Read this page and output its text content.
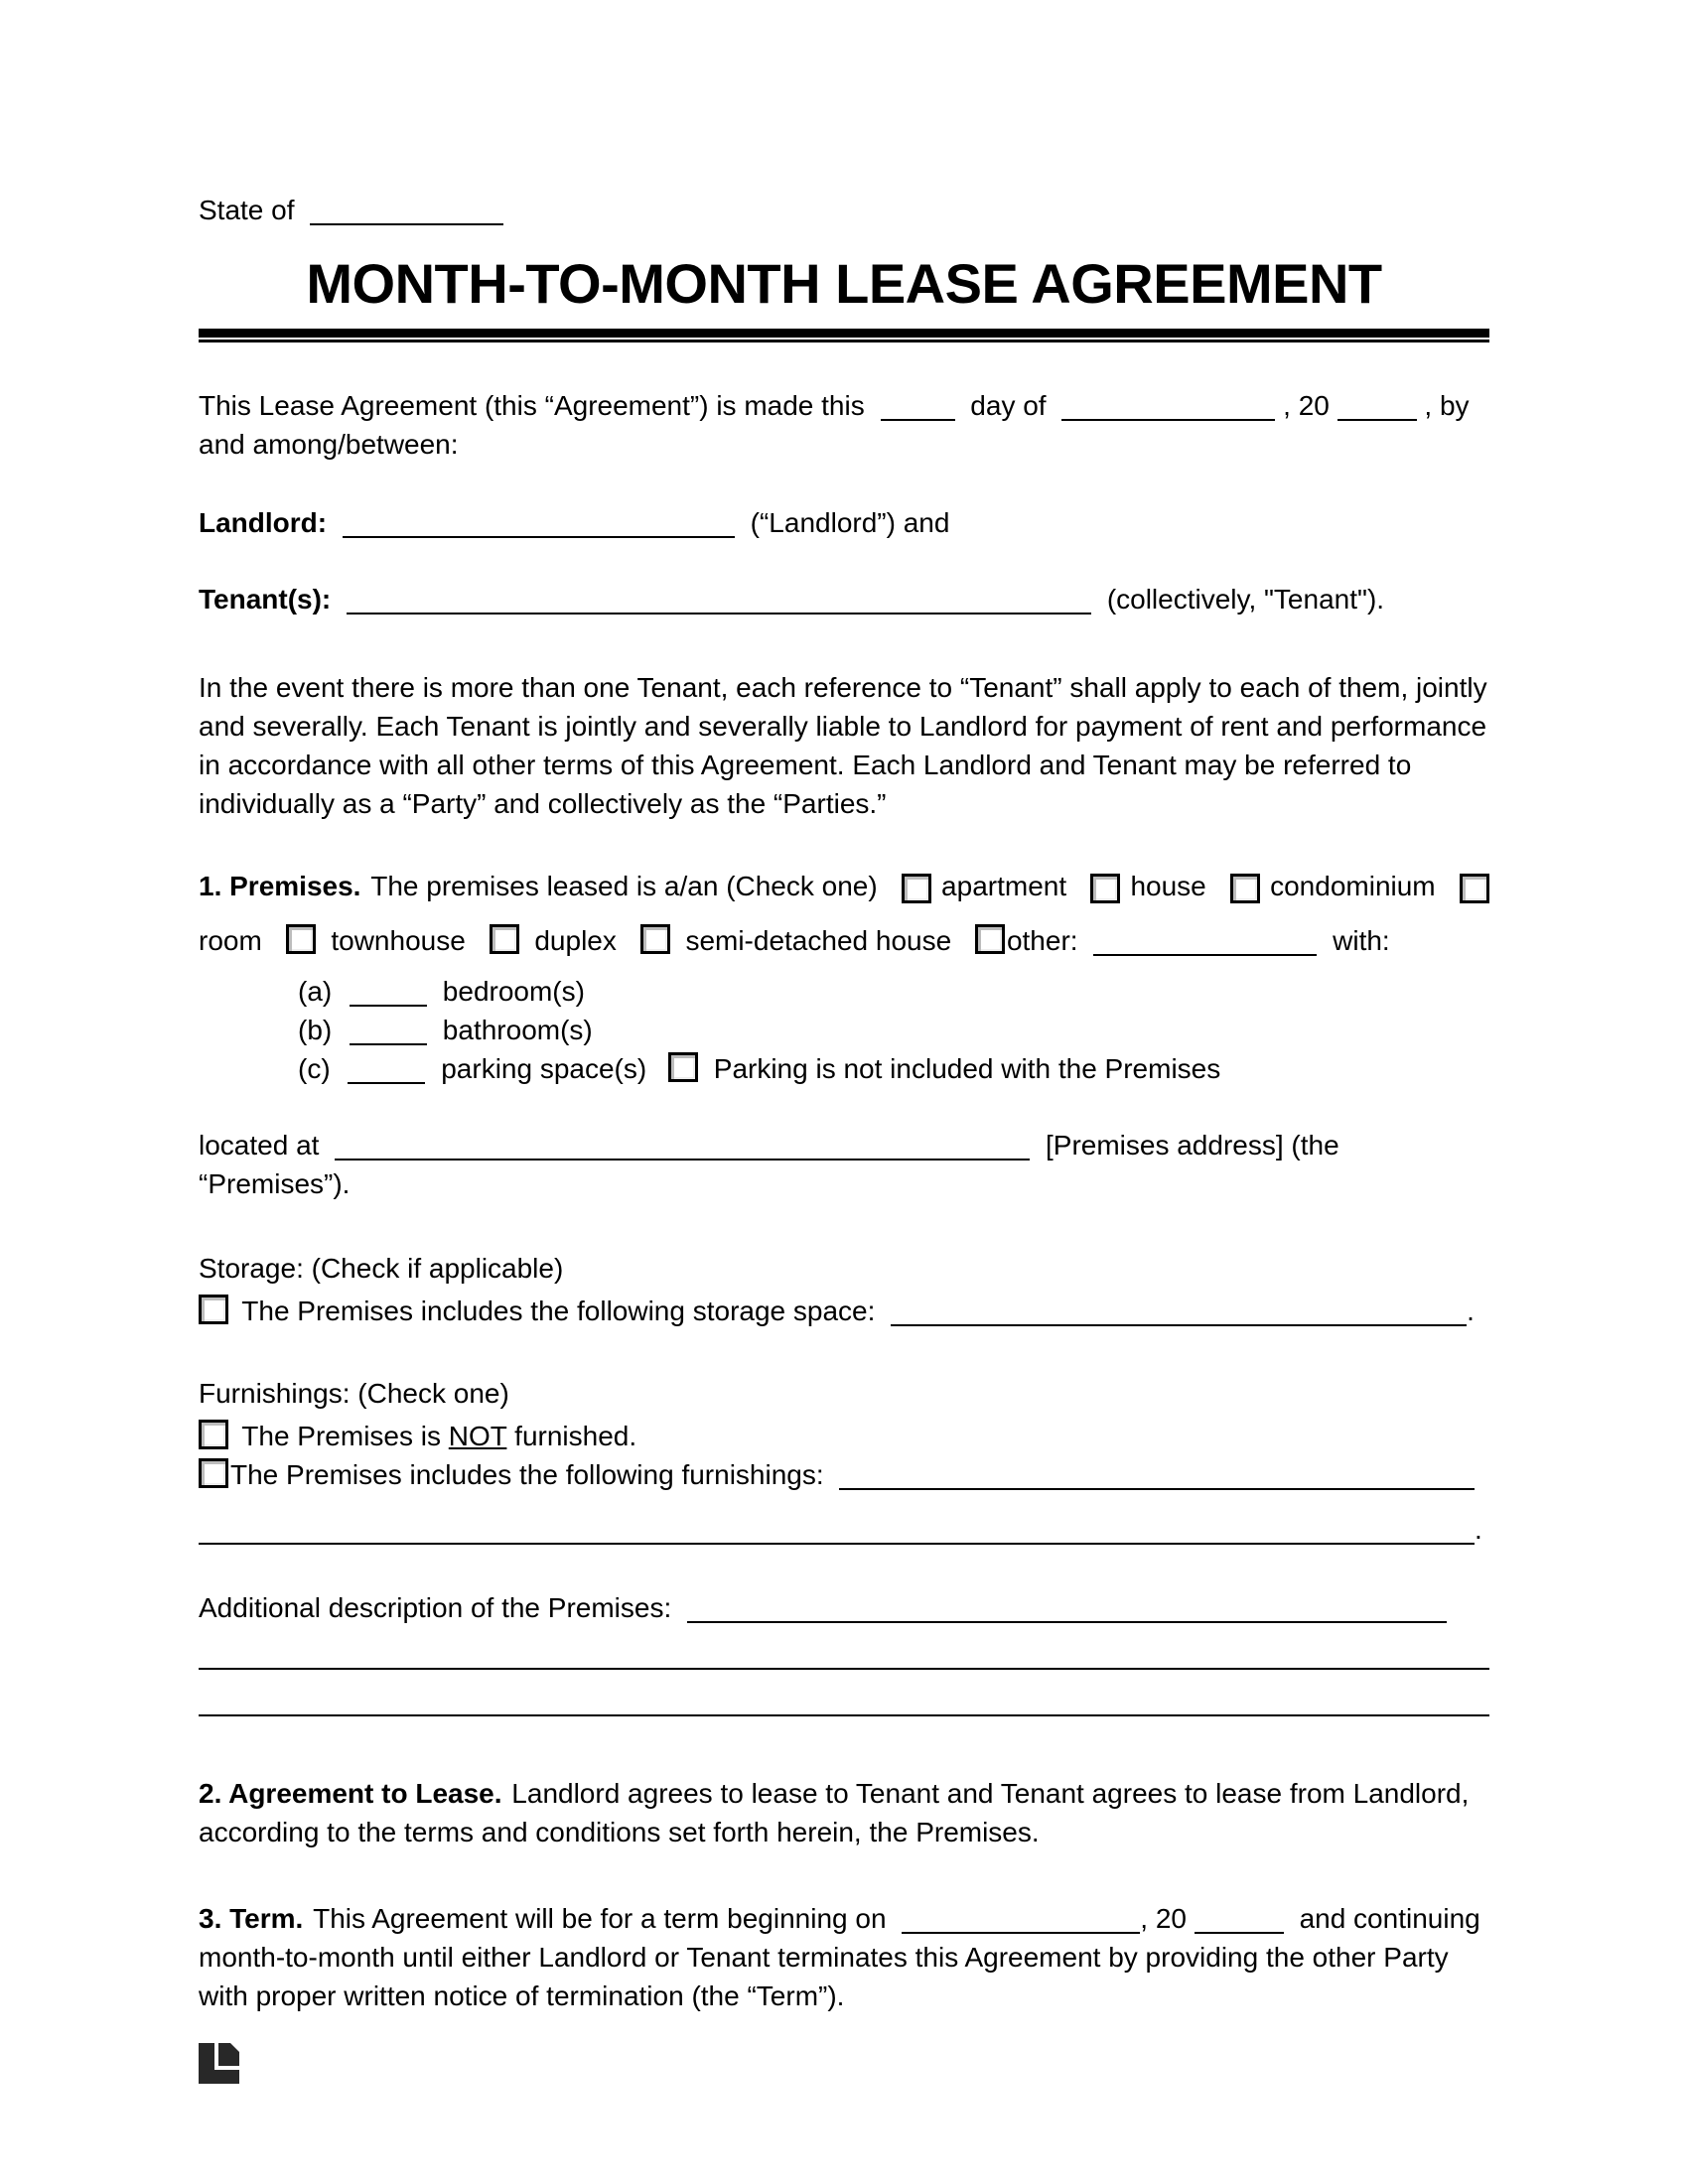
State of
MONTH-TO-MONTH LEASE AGREEMENT
This Lease Agreement (this “Agreement”) is made this	day of	, 20	, by and among/between:
Landlord:	(“Landlord”) and
Tenant(s):	(collectively, "Tenant").
In the event there is more than one Tenant, each reference to “Tenant” shall apply to each of them, jointly and severally. Each Tenant is jointly and severally liable to Landlord for payment of rent and performance in accordance with all other terms of this Agreement. Each Landlord and Tenant may be referred to individually as a “Party” and collectively as the “Parties.”
1. Premises. The premises leased is a/an (Check one) apartment house condominium
room townhouse duplex semi-detached house other:	with:
(a)	bedroom(s)
(b)	bathroom(s)
(c)	parking space(s) Parking is not included with the Premises
located at	[Premises address] (the “Premises”).
Storage: (Check if applicable)
The Premises includes the following storage space:	.
Furnishings: (Check one)
The Premises is NOT furnished.
The Premises includes the following furnishings:
.
Additional description of the Premises:
2. Agreement to Lease. Landlord agrees to lease to Tenant and Tenant agrees to lease from Landlord, according to the terms and conditions set forth herein, the Premises.
3. Term. This Agreement will be for a term beginning on	, 20	and continuing month-to-month until either Landlord or Tenant terminates this Agreement by providing the other Party with proper written notice of termination (the “Term”).
